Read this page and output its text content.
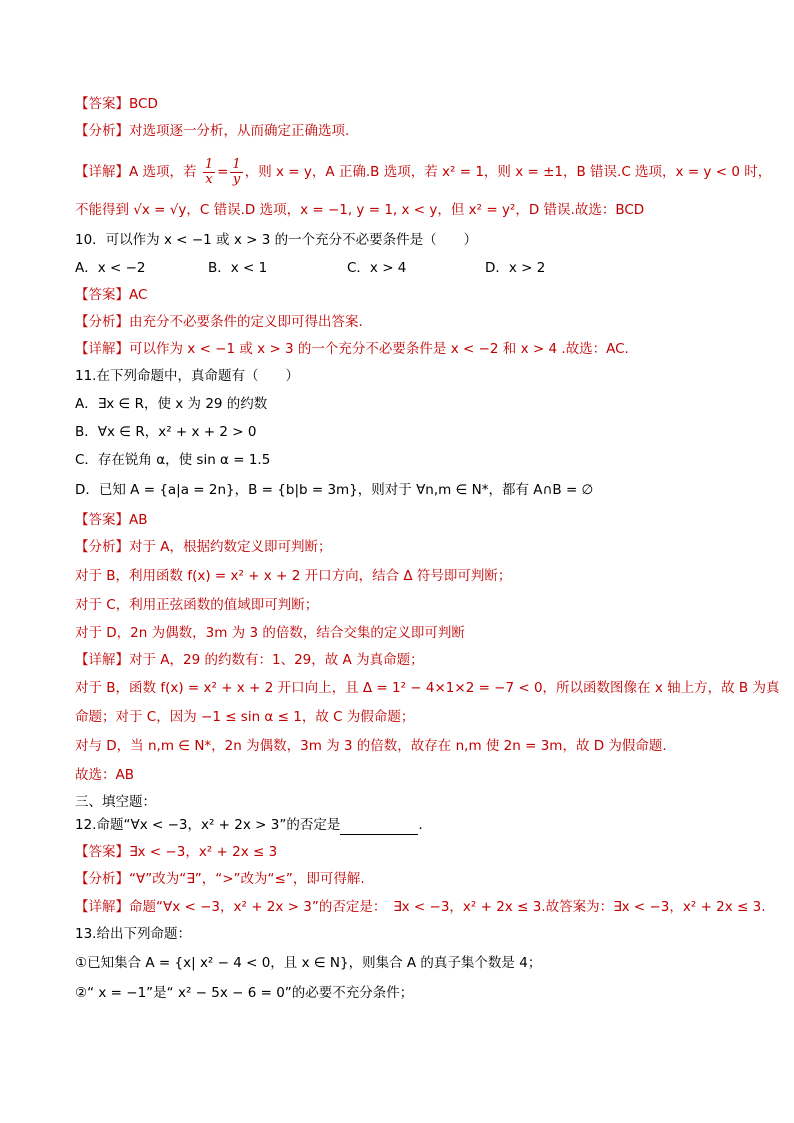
【答案】BCD
【分析】对选项逐一分析，从而确定正确选项.
【详解】A 选项，若 $\frac{1}{x} = \frac{1}{y}$ ，则 x = y，A 正确.B 选项，若 x² = 1，则 x = ±1，B 错误.C 选项，x = y < 0 时，
不能得到 √x = √y，C 错误.D 选项，x = −1, y = 1, x < y，但 x² = y²，D 错误.故选：BCD
10．可以作为 x < −1 或 x > 3 的一个充分不必要条件是（　　）
A．x < −2	B．x < 1	C．x > 4	D．x > 2
【答案】AC
【分析】由充分不必要条件的定义即可得出答案.
【详解】可以作为 x < −1 或 x > 3 的一个充分不必要条件是 x < −2 和 x > 4 .故选：AC.
11.在下列命题中，真命题有（　　）
A．∃x ∈ R，使 x 为 29 的约数
B．∀x ∈ R，x² + x + 2 > 0
C．存在锐角 α，使 sin α = 1.5
D．已知 A = {a|a = 2n}，B = {b|b = 3m}，则对于 ∀n,m ∈ N*，都有 A∩B = ∅
【答案】AB
【分析】对于 A，根据约数定义即可判断；
对于 B，利用函数 f(x) = x² + x + 2 开口方向，结合 Δ 符号即可判断；
对于 C，利用正弦函数的值域即可判断；
对于 D，2n 为偶数，3m 为 3 的倍数，结合交集的定义即可判断
【详解】对于 A，29 的约数有：1、29，故 A 为真命题；
对于 B，函数 f(x) = x² + x + 2 开口向上，且 Δ = 1² − 4×1×2 = −7 < 0，所以函数图像在 x 轴上方，故 B 为真
命题；对于 C，因为 −1 ≤ sin α ≤ 1，故 C 为假命题；
对与 D，当 n,m ∈ N*，2n 为偶数，3m 为 3 的倍数，故存在 n,m 使 2n = 3m，故 D 为假命题.
故选：AB
三、填空题：
12.命题“∀x < −3，x² + 2x > 3”的否定是	.
【答案】∃x < −3，x² + 2x ≤ 3
【分析】“∀”改为“∃”，“>”改为“≤”，即可得解.
【详解】命题“∀x < −3，x² + 2x > 3”的否定是：　∃x < −3，x² + 2x ≤ 3.故答案为：∃x < −3，x² + 2x ≤ 3.
13.给出下列命题：
①已知集合 A = {x| x² − 4 < 0，且 x ∈ N}，则集合 A 的真子集个数是 4；
②“ x = −1”是“ x² − 5x − 6 = 0”的必要不充分条件；
